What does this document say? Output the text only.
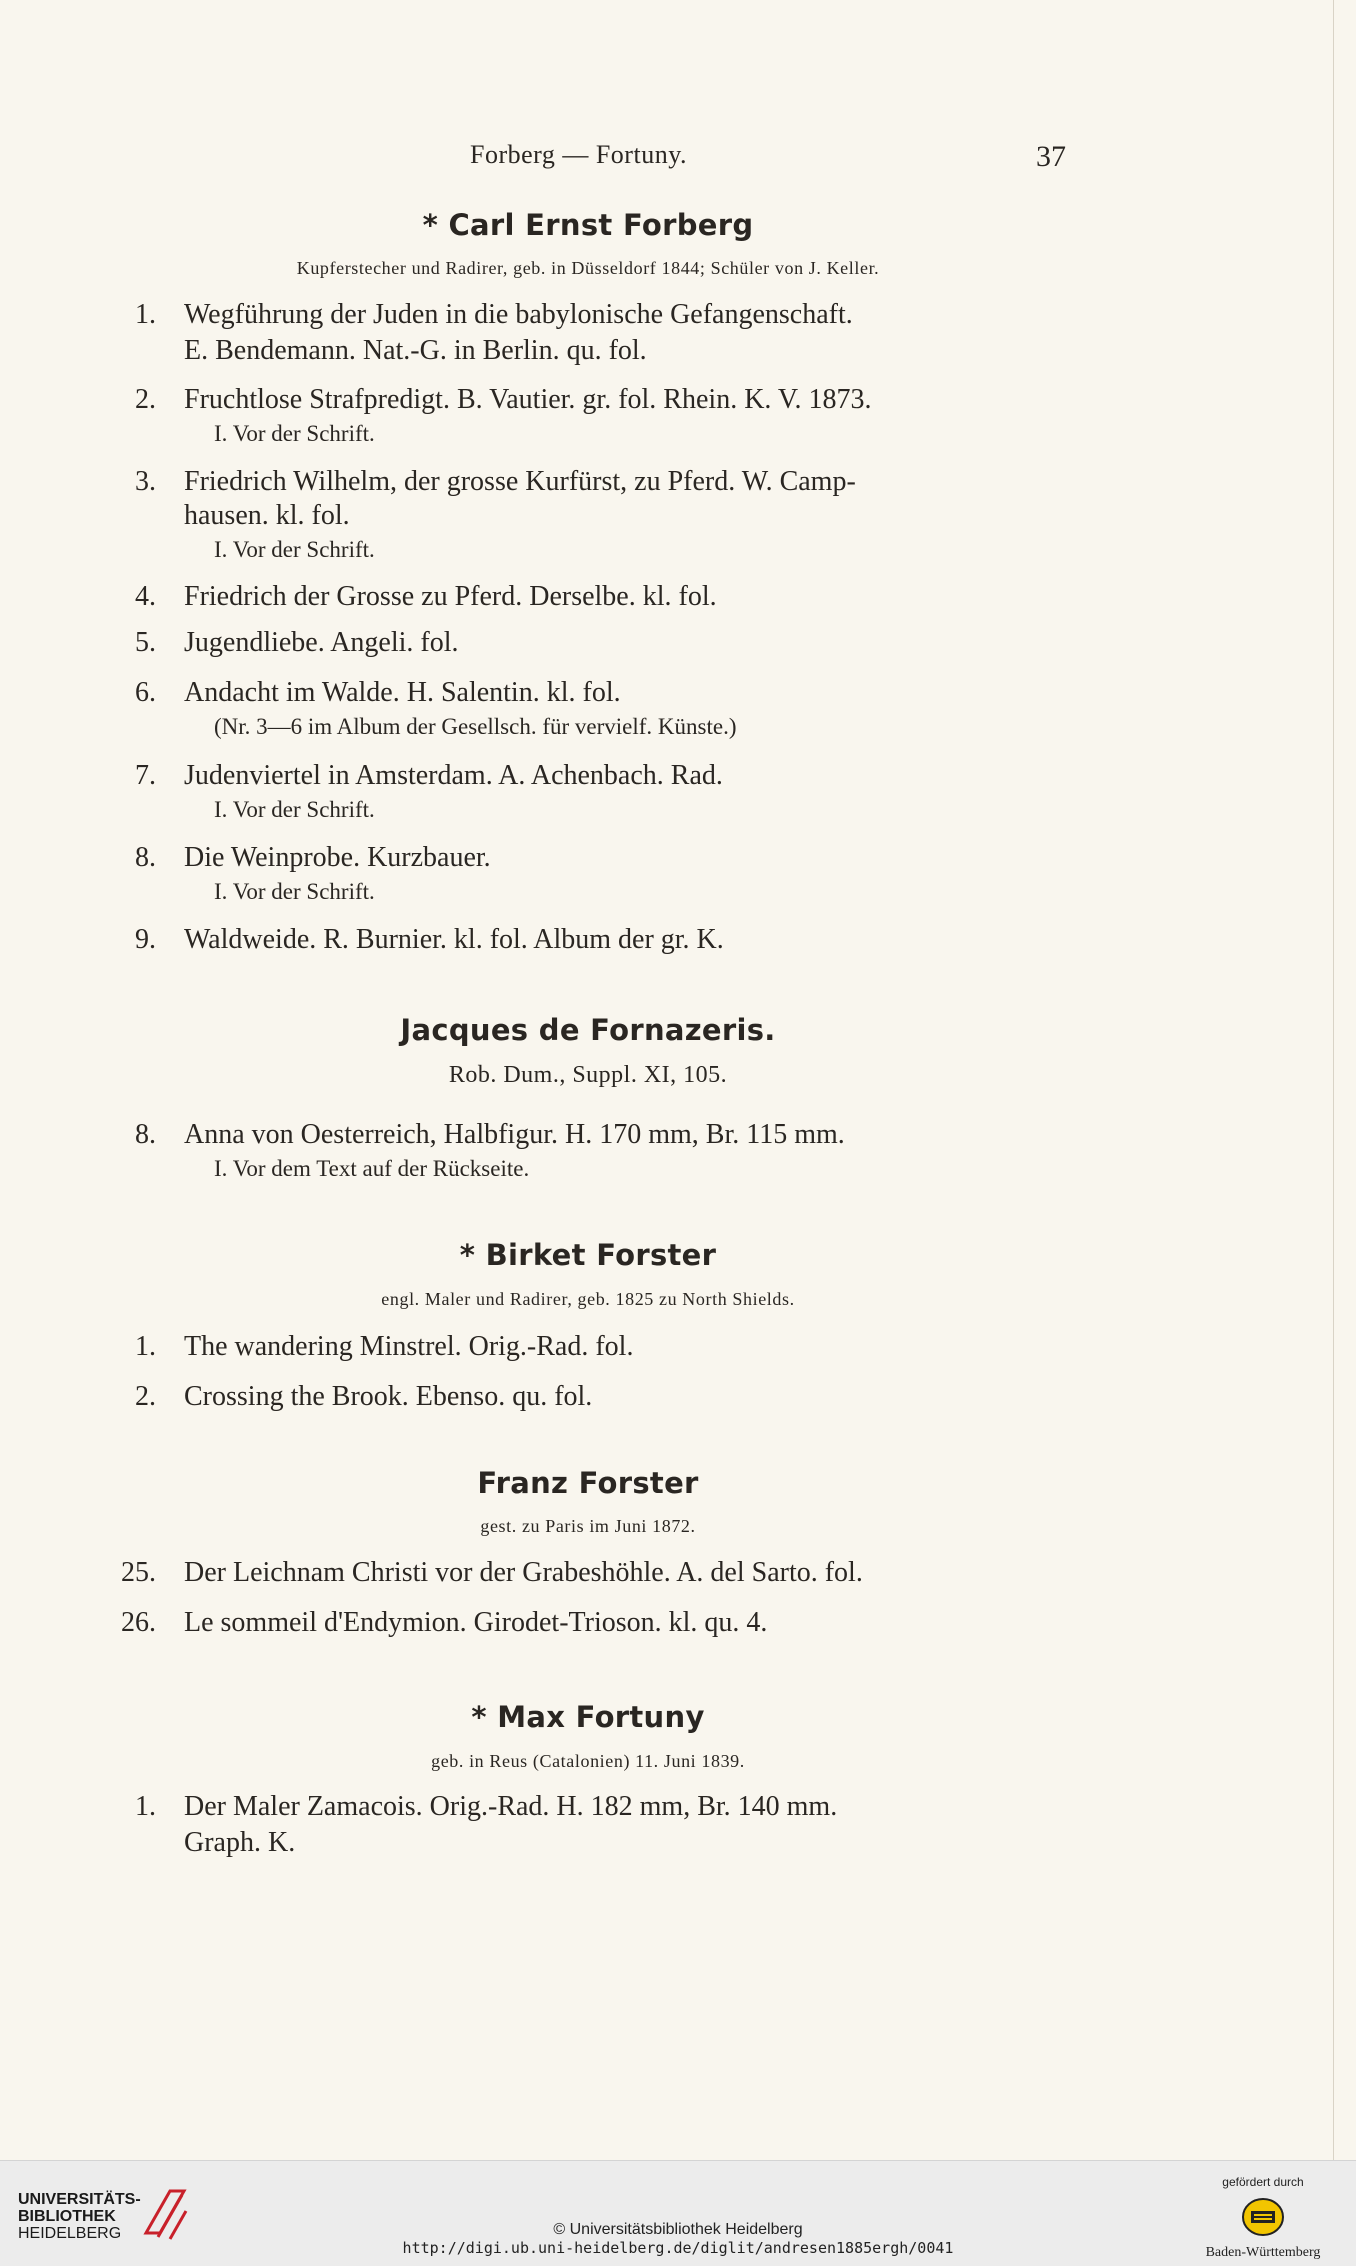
Forberg — Fortuny.	37
* Carl Ernst Forberg
Kupferstecher und Radirer, geb. in Düsseldorf 1844; Schüler von J. Keller.
1. Wegführung der Juden in die babylonische Gefangenschaft.
E. Bendemann. Nat.-G. in Berlin. qu. fol.
2. Fruchtlose Strafpredigt. B. Vautier. gr. fol. Rhein. K. V. 1873.
I. Vor der Schrift.
3. Friedrich Wilhelm, der grosse Kurfürst, zu Pferd. W. Camp-
hausen. kl. fol.
I. Vor der Schrift.
4. Friedrich der Grosse zu Pferd. Derselbe. kl. fol.
5. Jugendliebe. Angeli. fol.
6. Andacht im Walde. H. Salentin. kl. fol.
(Nr. 3—6 im Album der Gesellsch. für vervielf. Künste.)
7. Judenviertel in Amsterdam. A. Achenbach. Rad.
I. Vor der Schrift.
8. Die Weinprobe. Kurzbauer.
I. Vor der Schrift.
9. Waldweide. R. Burnier. kl. fol. Album der gr. K.
Jacques de Fornazeris.
Rob. Dum., Suppl. XI, 105.
8. Anna von Oesterreich, Halbfigur. H. 170 mm, Br. 115 mm.
I. Vor dem Text auf der Rückseite.
* Birket Forster
engl. Maler und Radirer, geb. 1825 zu North Shields.
1. The wandering Minstrel. Orig.-Rad. fol.
2. Crossing the Brook. Ebenso. qu. fol.
Franz Forster
gest. zu Paris im Juni 1872.
25. Der Leichnam Christi vor der Grabeshöhle. A. del Sarto. fol.
26. Le sommeil d'Endymion. Girodet-Trioson. kl. qu. 4.
* Max Fortuny
geb. in Reus (Catalonien) 11. Juni 1839.
1. Der Maler Zamacois. Orig.-Rad. H. 182 mm, Br. 140 mm.
Graph. K.
UNIVERSITÄTS-
BIBLIOTHEK
HEIDELBERG	© Universitätsbibliothek Heidelberg
http://digi.ub.uni-heidelberg.de/diglit/andresen1885ergh/0041
gefördert durch
Baden-Württemberg
